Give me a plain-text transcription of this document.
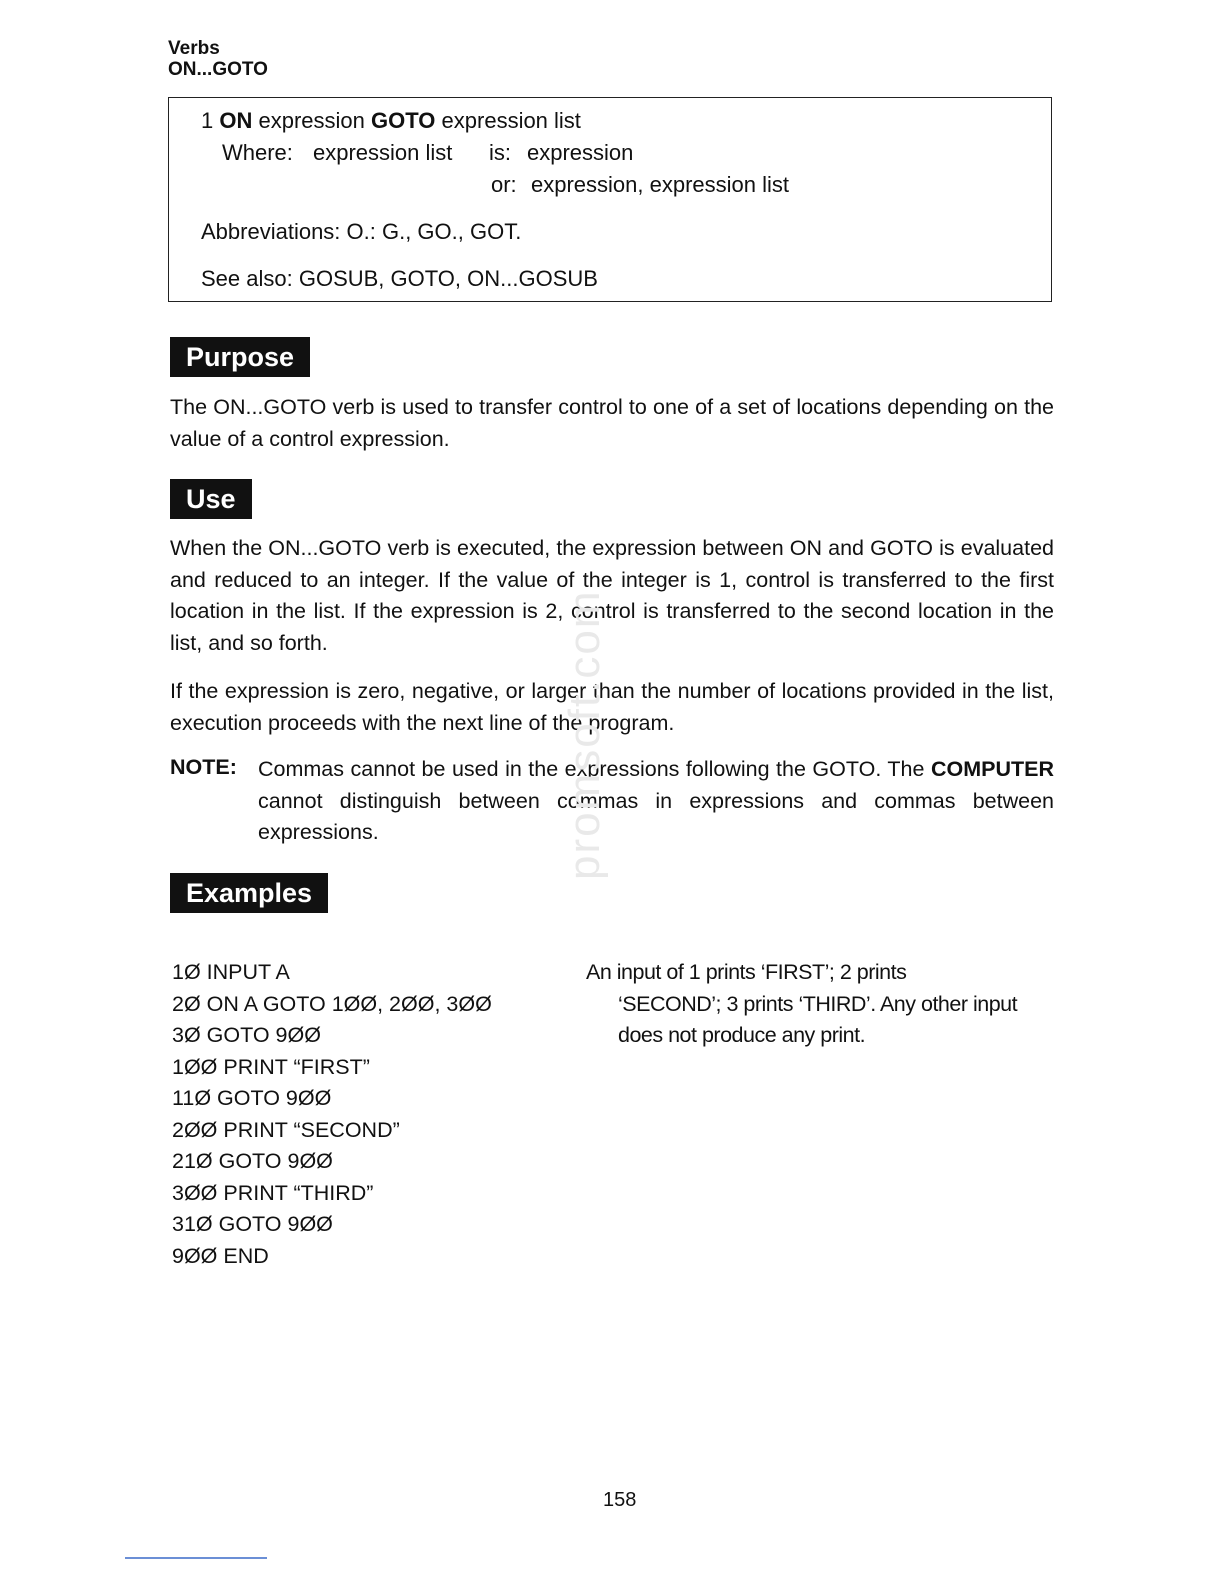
Verbs
ON...GOTO
1 ON expression GOTO expression list
Where: expression list is: expression
or: expression, expression list
Abbreviations: O.: G., GO., GOT.
See also: GOSUB, GOTO, ON...GOSUB
Purpose
The ON...GOTO verb is used to transfer control to one of a set of locations depending on the value of a control expression.
Use
When the ON...GOTO verb is executed, the expression between ON and GOTO is evaluated and reduced to an integer. If the value of the integer is 1, control is transferred to the first location in the list. If the expression is 2, control is transferred to the second location in the list, and so forth.
If the expression is zero, negative, or larger than the number of locations provided in the list, execution proceeds with the next line of the program.
NOTE: Commas cannot be used in the expressions following the GOTO. The COMPUTER cannot distinguish between commas in expressions and commas between expressions.
Examples
promsoft.com
1Ø INPUT A
2Ø ON A GOTO 1ØØ, 2ØØ, 3ØØ
3Ø GOTO 9ØØ
1ØØ PRINT “FIRST”
11Ø GOTO 9ØØ
2ØØ PRINT “SECOND”
21Ø GOTO 9ØØ
3ØØ PRINT “THIRD”
31Ø GOTO 9ØØ
9ØØ END
An input of 1 prints ‘FIRST’; 2 prints
‘SECOND’; 3 prints ‘THIRD’. Any other input does not produce any print.
158
